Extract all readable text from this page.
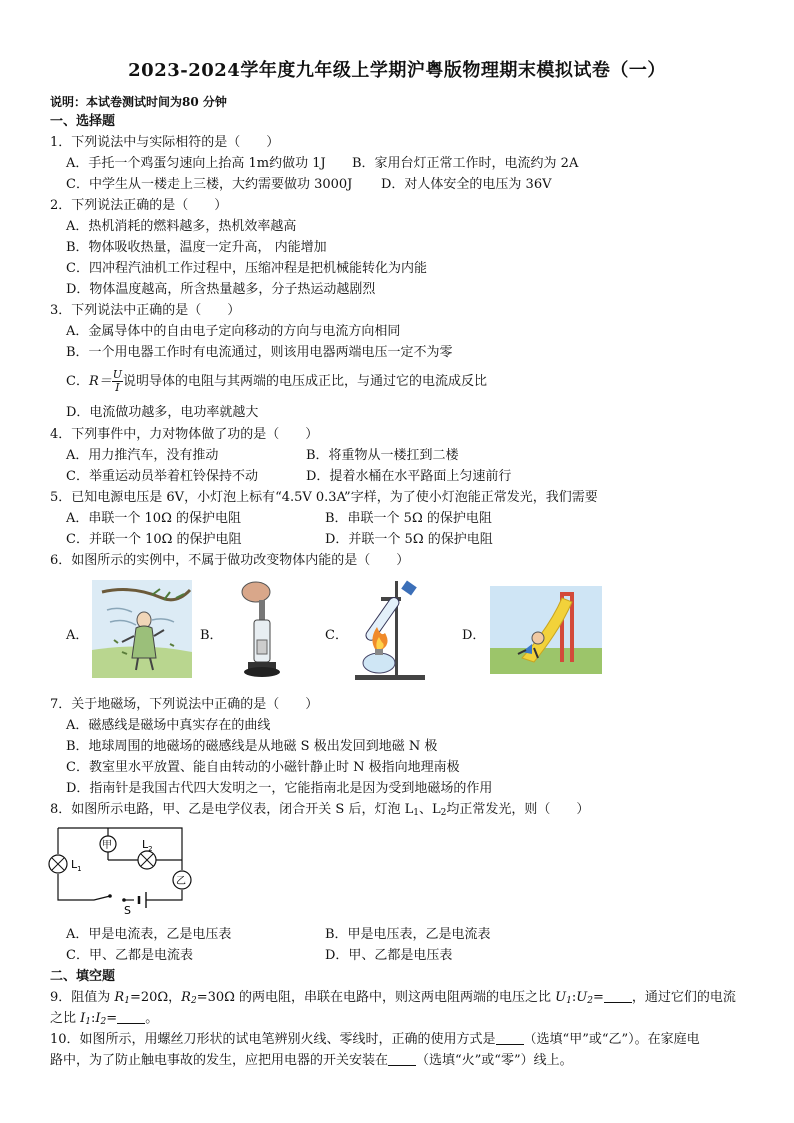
2023-2024学年度九年级上学期沪粤版物理期末模拟试卷（一）
说明：本试卷测试时间为80 分钟
一、选择题
1．下列说法中与实际相符的是（　　）
A．手托一个鸡蛋匀速向上抬高 1m约做功 1J B．家用台灯正常工作时，电流约为 2A
C．中学生从一楼走上三楼，大约需要做功 3000J D．对人体安全的电压为 36V
2．下列说法正确的是（　　）
A．热机消耗的燃料越多，热机效率越高
B．物体吸收热量，温度一定升高， 内能增加
C．四冲程汽油机工作过程中，压缩冲程是把机械能转化为内能
D．物体温度越高，所含热量越多，分子热运动越剧烈
3．下列说法中正确的是（　　）
A．金属导体中的自由电子定向移动的方向与电流方向相同
B．一个用电器工作时有电流通过，则该用电器两端电压一定不为零
C．$R= \frac{U}{I}$ 说明导体的电阻与其两端的电压成正比，与通过它的电流成反比
D．电流做功越多，电功率就越大
4．下列事件中，力对物体做了功的是（　　）
A．用力推汽车，没有推动	B．将重物从一楼扛到二楼
C．举重运动员举着杠铃保持不动	D．提着水桶在水平路面上匀速前行
5．已知电源电压是 6V，小灯泡上标有“4.5V 0.3A”字样，为了使小灯泡能正常发光，我们需要
A．串联一个 10Ω 的保护电阻	B．串联一个 5Ω 的保护电阻
C．并联一个 10Ω 的保护电阻	D．并联一个 5Ω 的保护电阻
6．如图所示的实例中，不属于做功改变物体内能的是（　　）
A．	B．	C．	D．
7．关于地磁场，下列说法中正确的是（　　）
A．磁感线是磁场中真实存在的曲线
B．地球周围的地磁场的磁感线是从地磁 S 极出发回到地磁 N 极
C．教室里水平放置、能自由转动的小磁针静止时 N 极指向地理南极
D．指南针是我国古代四大发明之一，它能指南北是因为受到地磁场的作用
8．如图所示电路，甲、乙是电学仪表，闭合开关 S 后，灯泡 $L_1$、$L_2$均正常发光，则（　　）
甲
乙
$L_1$
$L_2$
S
A．甲是电流表，乙是电压表	B．甲是电压表，乙是电流表
C．甲、乙都是电流表	D．甲、乙都是电压表
二、填空题
9．阻值为 $R_1=20\Omega$，$R_2=30\Omega$ 的两电阻，串联在电路中，则这两电阻两端的电压之比 $U_1:U_2=$ ，通过它们的电流
之比 $I_1:I_2=$ 。
10．如图所示，用螺丝刀形状的试电笔辨别火线、零线时，正确的使用方式是 （选填“甲”或“乙”）。在家庭电
路中，为了防止触电事故的发生，应把用电器的开关安装在 （选填“火”或“零”）线上。
